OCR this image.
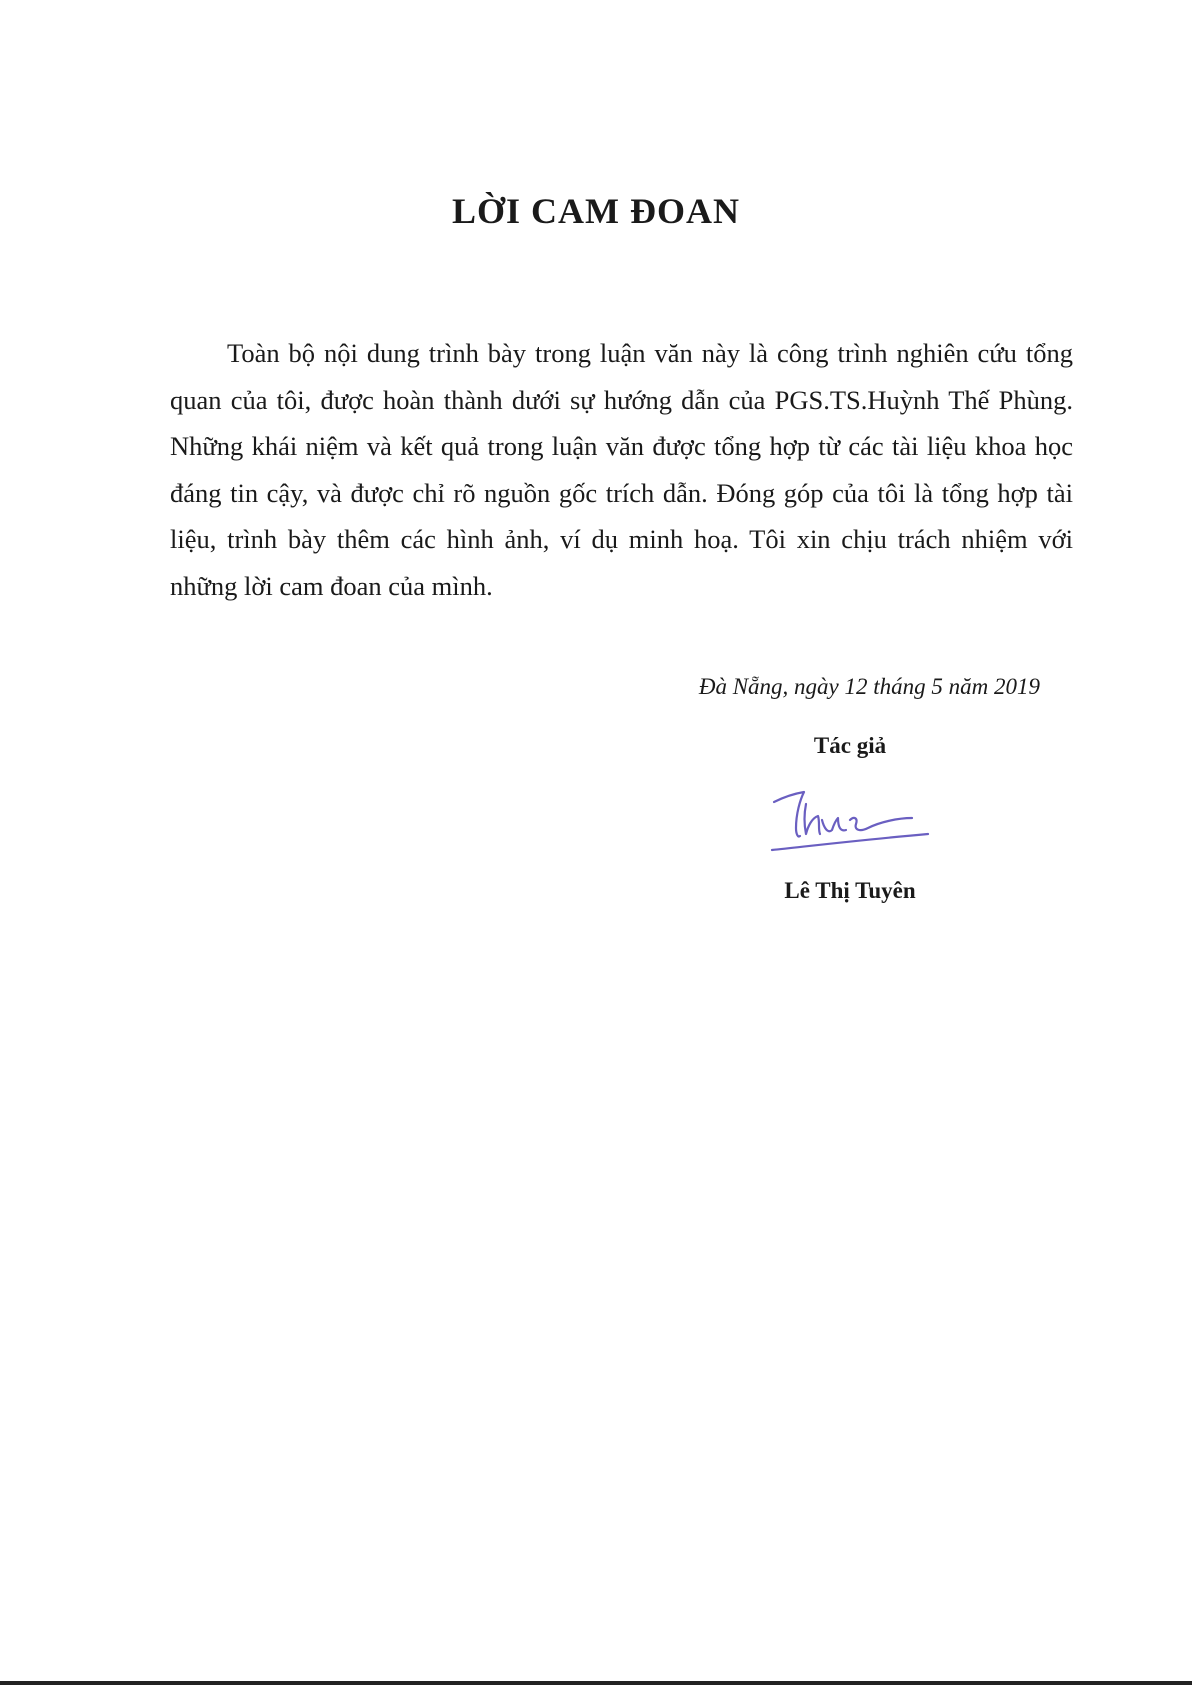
LỜI CAM ĐOAN

Toàn bộ nội dung trình bày trong luận văn này là công trình nghiên cứu tổng quan của tôi, được hoàn thành dưới sự hướng dẫn của PGS.TS.Huỳnh Thế Phùng. Những khái niệm và kết quả trong luận văn được tổng hợp từ các tài liệu khoa học đáng tin cậy, và được chỉ rõ nguồn gốc trích dẫn. Đóng góp của tôi là tổng hợp tài liệu, trình bày thêm các hình ảnh, ví dụ minh hoạ. Tôi xin chịu trách nhiệm với những lời cam đoan của mình.

Đà Nẵng, ngày 12 tháng 5 năm 2019

Tác giả

Lê Thị Tuyên
